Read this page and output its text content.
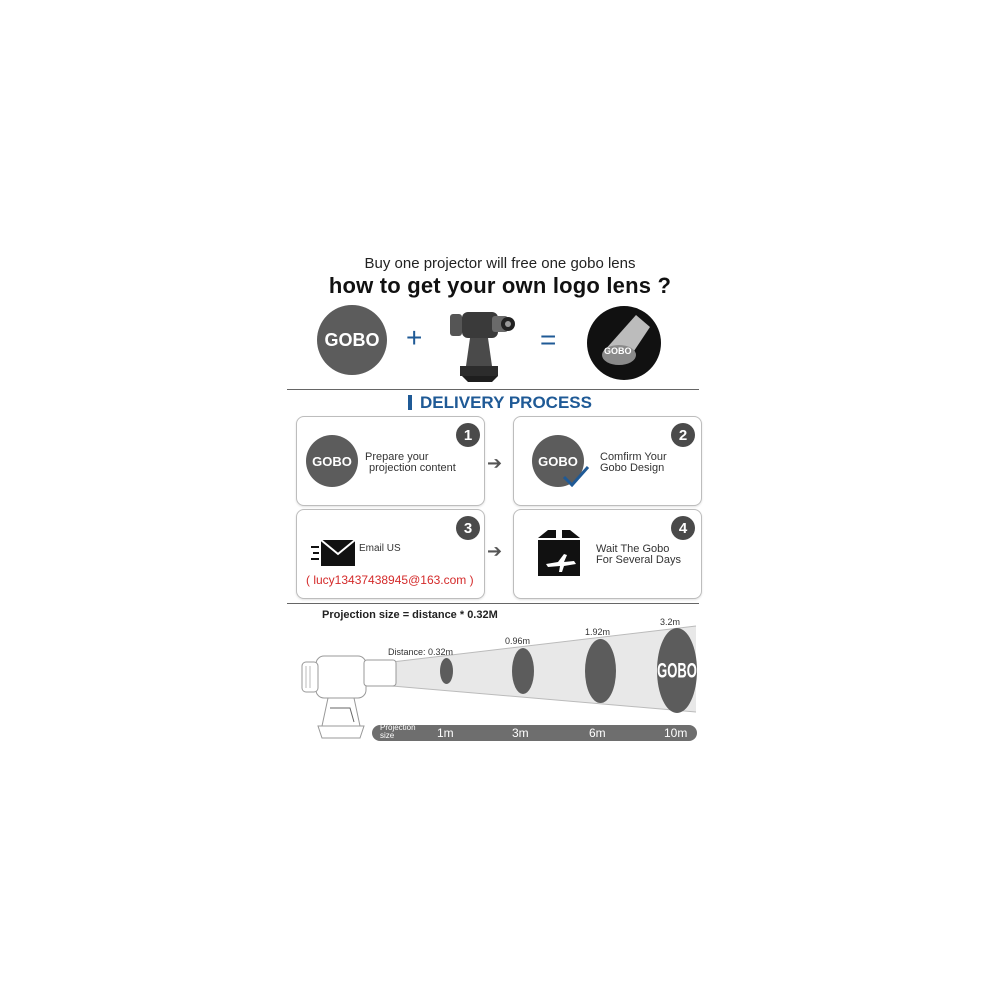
Buy one projector will free one gobo lens
how to get your own logo lens ?
GOBO +	=	GOBO
DELIVERY PROCESS
GOBO
1
Prepare your
projection content ➔	GOBO
2
Comfirm Your
Gobo Design
3
Email US
( lucy13437438945@163.com )
➔
4
Wait The Gobo
For Several Days
Projection size = distance * 0.32M
Distance: 0.32m
0.96m
1.92m
3.2m
GOBO
Projection size	1m	3m	6m	10m
